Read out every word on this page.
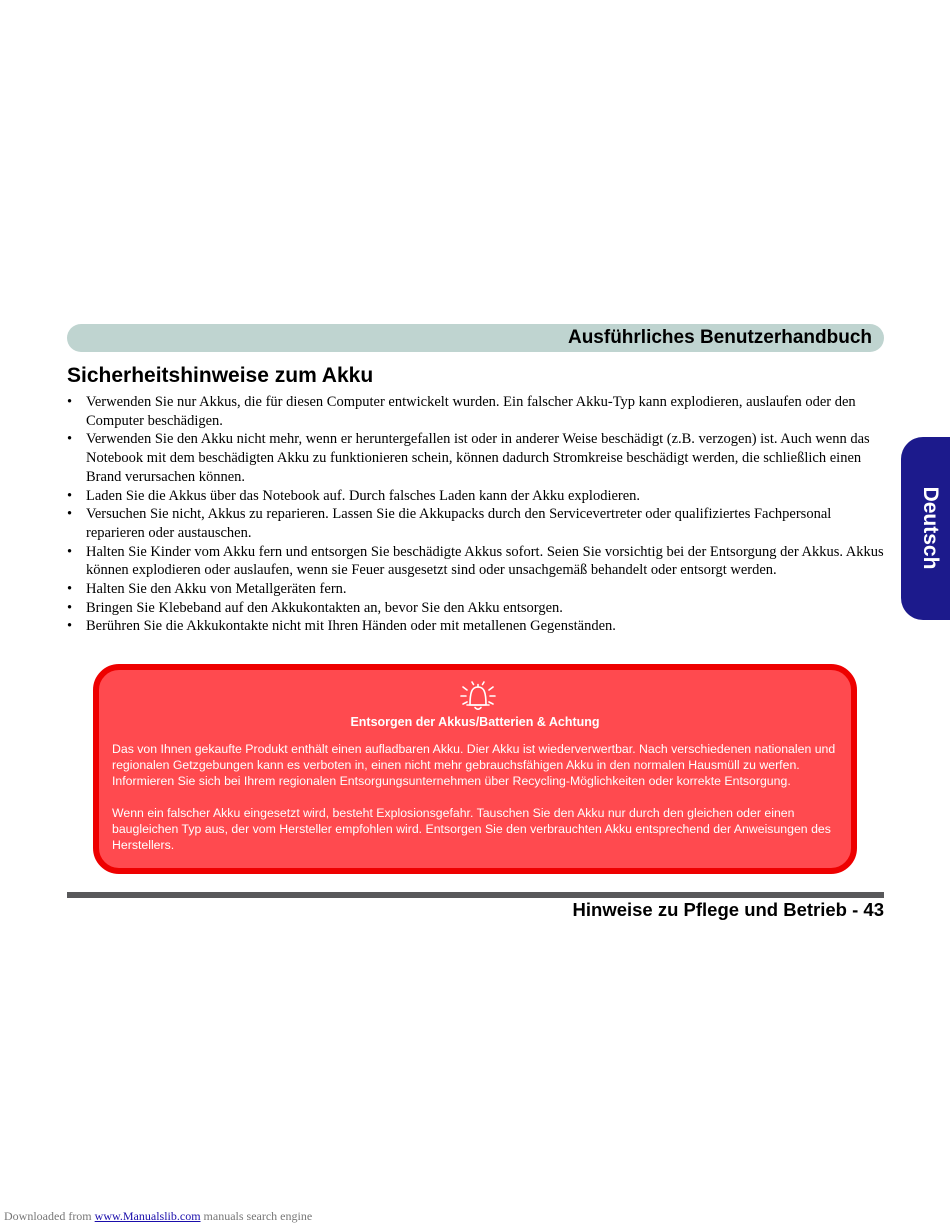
Ausführliches Benutzerhandbuch
Deutsch
Sicherheitshinweise zum Akku
• Verwenden Sie nur Akkus, die für diesen Computer entwickelt wurden. Ein falscher Akku-Typ kann explodieren, auslaufen oder den Computer beschädigen.
• Verwenden Sie den Akku nicht mehr, wenn er heruntergefallen ist oder in anderer Weise beschädigt (z.B. verzogen) ist. Auch wenn das Notebook mit dem beschädigten Akku zu funktionieren schein, können dadurch Stromkreise beschädigt werden, die schließlich einen Brand verursachen können.
• Laden Sie die Akkus über das Notebook auf. Durch falsches Laden kann der Akku explodieren.
• Versuchen Sie nicht, Akkus zu reparieren. Lassen Sie die Akkupacks durch den Servicevertreter oder qualifiziertes Fachpersonal reparieren oder austauschen.
• Halten Sie Kinder vom Akku fern und entsorgen Sie beschädigte Akkus sofort. Seien Sie vorsichtig bei der Entsorgung der Akkus. Akkus können explodieren oder auslaufen, wenn sie Feuer ausgesetzt sind oder unsachgemäß behandelt oder entsorgt werden.
• Halten Sie den Akku von Metallgeräten fern.
• Bringen Sie Klebeband auf den Akkukontakten an, bevor Sie den Akku entsorgen.
• Berühren Sie die Akkukontakte nicht mit Ihren Händen oder mit metallenen Gegenständen.

Entsorgen der Akkus/Batterien & Achtung

Das von Ihnen gekaufte Produkt enthält einen aufladbaren Akku. Dier Akku ist wiederverwertbar. Nach verschiedenen nationalen und regionalen Getzgebungen kann es verboten in, einen nicht mehr gebrauchsfähigen Akku in den normalen Hausmüll zu werfen. Informieren Sie sich bei Ihrem regionalen Entsorgungsunternehmen über Recycling-Möglichkeiten oder korrekte Entsorgung.

Wenn ein falscher Akku eingesetzt wird, besteht Explosionsgefahr. Tauschen Sie den Akku nur durch den gleichen oder einen baugleichen Typ aus, der vom Hersteller empfohlen wird. Entsorgen Sie den verbrauchten Akku entsprechend der Anweisungen des Herstellers.

Hinweise zu Pflege und Betrieb - 43

Downloaded from www.Manualslib.com manuals search engine
